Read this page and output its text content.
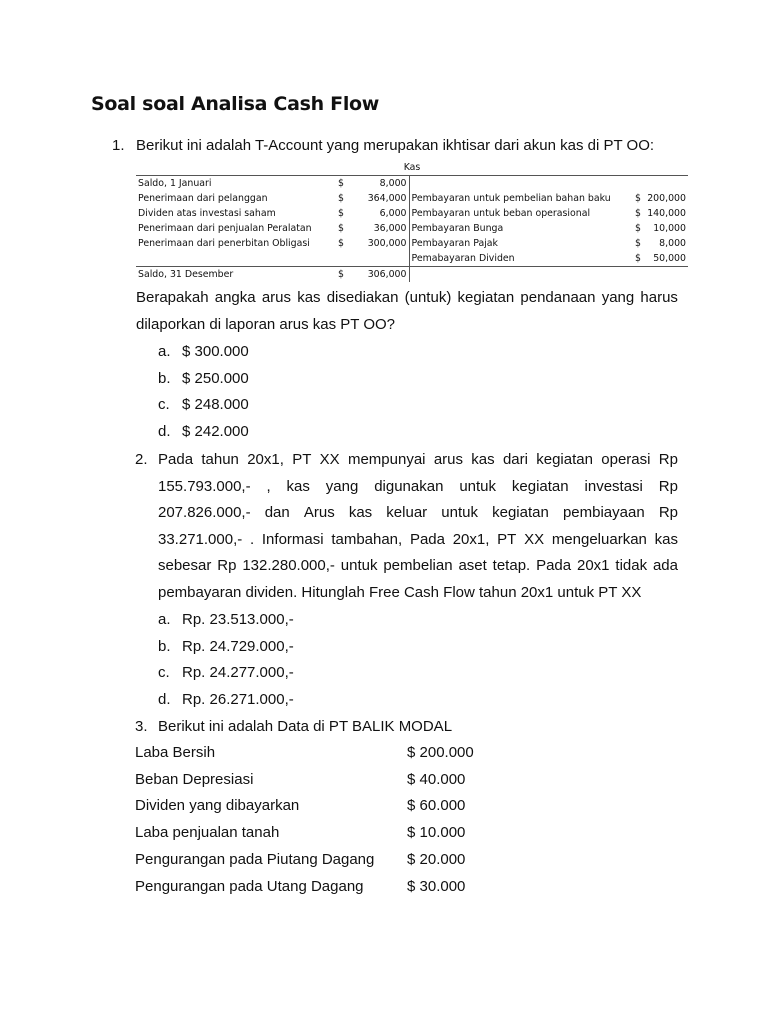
Soal soal Analisa Cash Flow
1. Berikut ini adalah T-Account yang merupakan ikhtisar dari akun kas di PT OO:
Kas
Saldo, 1 Januari	$	8,000			
Penerimaan dari pelanggan	$	364,000	Pembayaran untuk pembelian bahan baku	$	200,000
Dividen atas investasi saham	$	6,000	Pembayaran untuk beban operasional	$	140,000
Penerimaan dari penjualan Peralatan	$	36,000	Pembayaran Bunga	$	10,000
Penerimaan dari penerbitan Obligasi	$	300,000	Pembayaran Pajak	$	8,000
			Pemabayaran Dividen	$	50,000
Saldo, 31 Desember	$	306,000			
Berapakah angka arus kas disediakan (untuk) kegiatan pendanaan yang harus
dilaporkan di laporan arus kas PT OO?
a. $ 300.000
b. $ 250.000
c. $ 248.000
d. $ 242.000
2. Pada tahun 20x1, PT XX mempunyai arus kas dari kegiatan operasi Rp
155.793.000,- , kas yang digunakan untuk kegiatan investasi Rp
207.826.000,- dan Arus kas keluar untuk kegiatan pembiayaan Rp
33.271.000,- . Informasi tambahan, Pada 20x1, PT XX mengeluarkan kas
sebesar Rp 132.280.000,- untuk pembelian aset tetap. Pada 20x1 tidak ada
pembayaran dividen. Hitunglah Free Cash Flow tahun 20x1 untuk PT XX
a. Rp. 23.513.000,-
b. Rp. 24.729.000,-
c. Rp. 24.277.000,-
d. Rp. 26.271.000,-
3. Berikut ini adalah Data di PT BALIK MODAL
Laba Bersih	$ 200.000
Beban Depresiasi	$ 40.000
Dividen yang dibayarkan	$ 60.000
Laba penjualan tanah	$ 10.000
Pengurangan pada Piutang Dagang $ 20.000
Pengurangan pada Utang Dagang	$ 30.000
